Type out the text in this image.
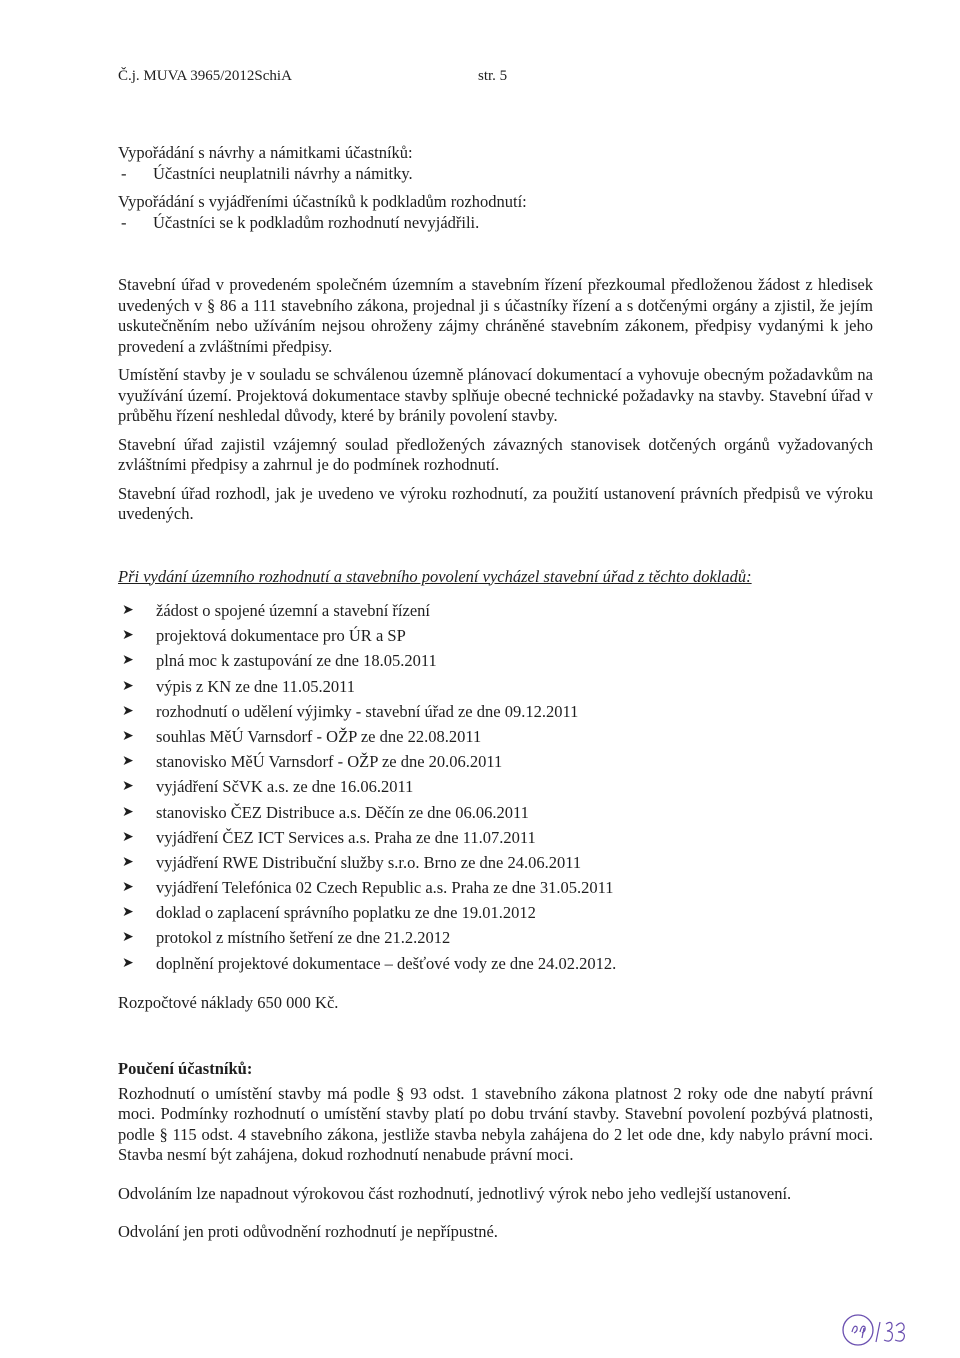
Č.j. MUVA 3965/2012SchiA	str. 5

Vypořádání s návrhy a námitkami účastníků:

-	Účastníci neuplatnili návrhy a námitky.

Vypořádání s vyjádřeními účastníků k podkladům rozhodnutí:

-	Účastníci se k podkladům rozhodnutí nevyjádřili.

Stavební úřad v provedeném společném územním a stavebním řízení přezkoumal předloženou žádost z hledisek uvedených v § 86 a 111 stavebního zákona, projednal ji s účastníky řízení a s dotčenými orgány a zjistil, že jejím uskutečněním nebo užíváním nejsou ohroženy zájmy chráněné stavebním zákonem, předpisy vydanými k jeho provedení a zvláštními předpisy.

Umístění stavby je v souladu se schválenou územně plánovací dokumentací a vyhovuje obecným požadavkům na využívání území. Projektová dokumentace stavby splňuje obecné technické požadavky na stavby. Stavební úřad v průběhu řízení neshledal důvody, které by bránily povolení stavby.

Stavební úřad zajistil vzájemný soulad předložených závazných stanovisek dotčených orgánů vyžadovaných zvláštními předpisy a zahrnul je do podmínek rozhodnutí.

Stavební úřad rozhodl, jak je uvedeno ve výroku rozhodnutí, za použití ustanovení právních předpisů ve výroku uvedených.

Při vydání územního rozhodnutí a stavebního povolení vycházel stavební úřad z těchto dokladů:

➤	žádost o spojené územní a stavební řízení
➤	projektová dokumentace pro ÚR a SP
➤	plná moc k zastupování ze dne 18.05.2011
➤	výpis z KN ze dne 11.05.2011
➤	rozhodnutí o udělení výjimky - stavební úřad ze dne 09.12.2011
➤	souhlas MěÚ Varnsdorf - OŽP ze dne 22.08.2011
➤	stanovisko MěÚ Varnsdorf - OŽP ze dne 20.06.2011
➤	vyjádření SčVK a.s. ze dne 16.06.2011
➤	stanovisko ČEZ Distribuce a.s. Děčín ze dne 06.06.2011
➤	vyjádření ČEZ ICT Services a.s. Praha ze dne 11.07.2011
➤	vyjádření RWE Distribuční služby s.r.o. Brno ze dne 24.06.2011
➤	vyjádření Telefónica 02 Czech Republic a.s. Praha ze dne 31.05.2011
➤	doklad o zaplacení správního poplatku ze dne 19.01.2012
➤	protokol z místního šetření ze dne 21.2.2012
➤	doplnění projektové dokumentace – dešťové vody ze dne 24.02.2012.

Rozpočtové náklady 650 000 Kč.

Poučení účastníků:

Rozhodnutí o umístění stavby má podle § 93 odst. 1 stavebního zákona platnost 2 roky ode dne nabytí právní moci. Podmínky rozhodnutí o umístění stavby platí po dobu trvání stavby. Stavební povolení pozbývá platnosti, podle § 115 odst. 4 stavebního zákona, jestliže stavba nebyla zahájena do 2 let ode dne, kdy nabylo právní moci. Stavba nesmí být zahájena, dokud rozhodnutí nenabude právní moci.

Odvoláním lze napadnout výrokovou část rozhodnutí, jednotlivý výrok nebo jeho vedlejší ustanovení.

Odvolání jen proti odůvodnění rozhodnutí je nepřípustné.
